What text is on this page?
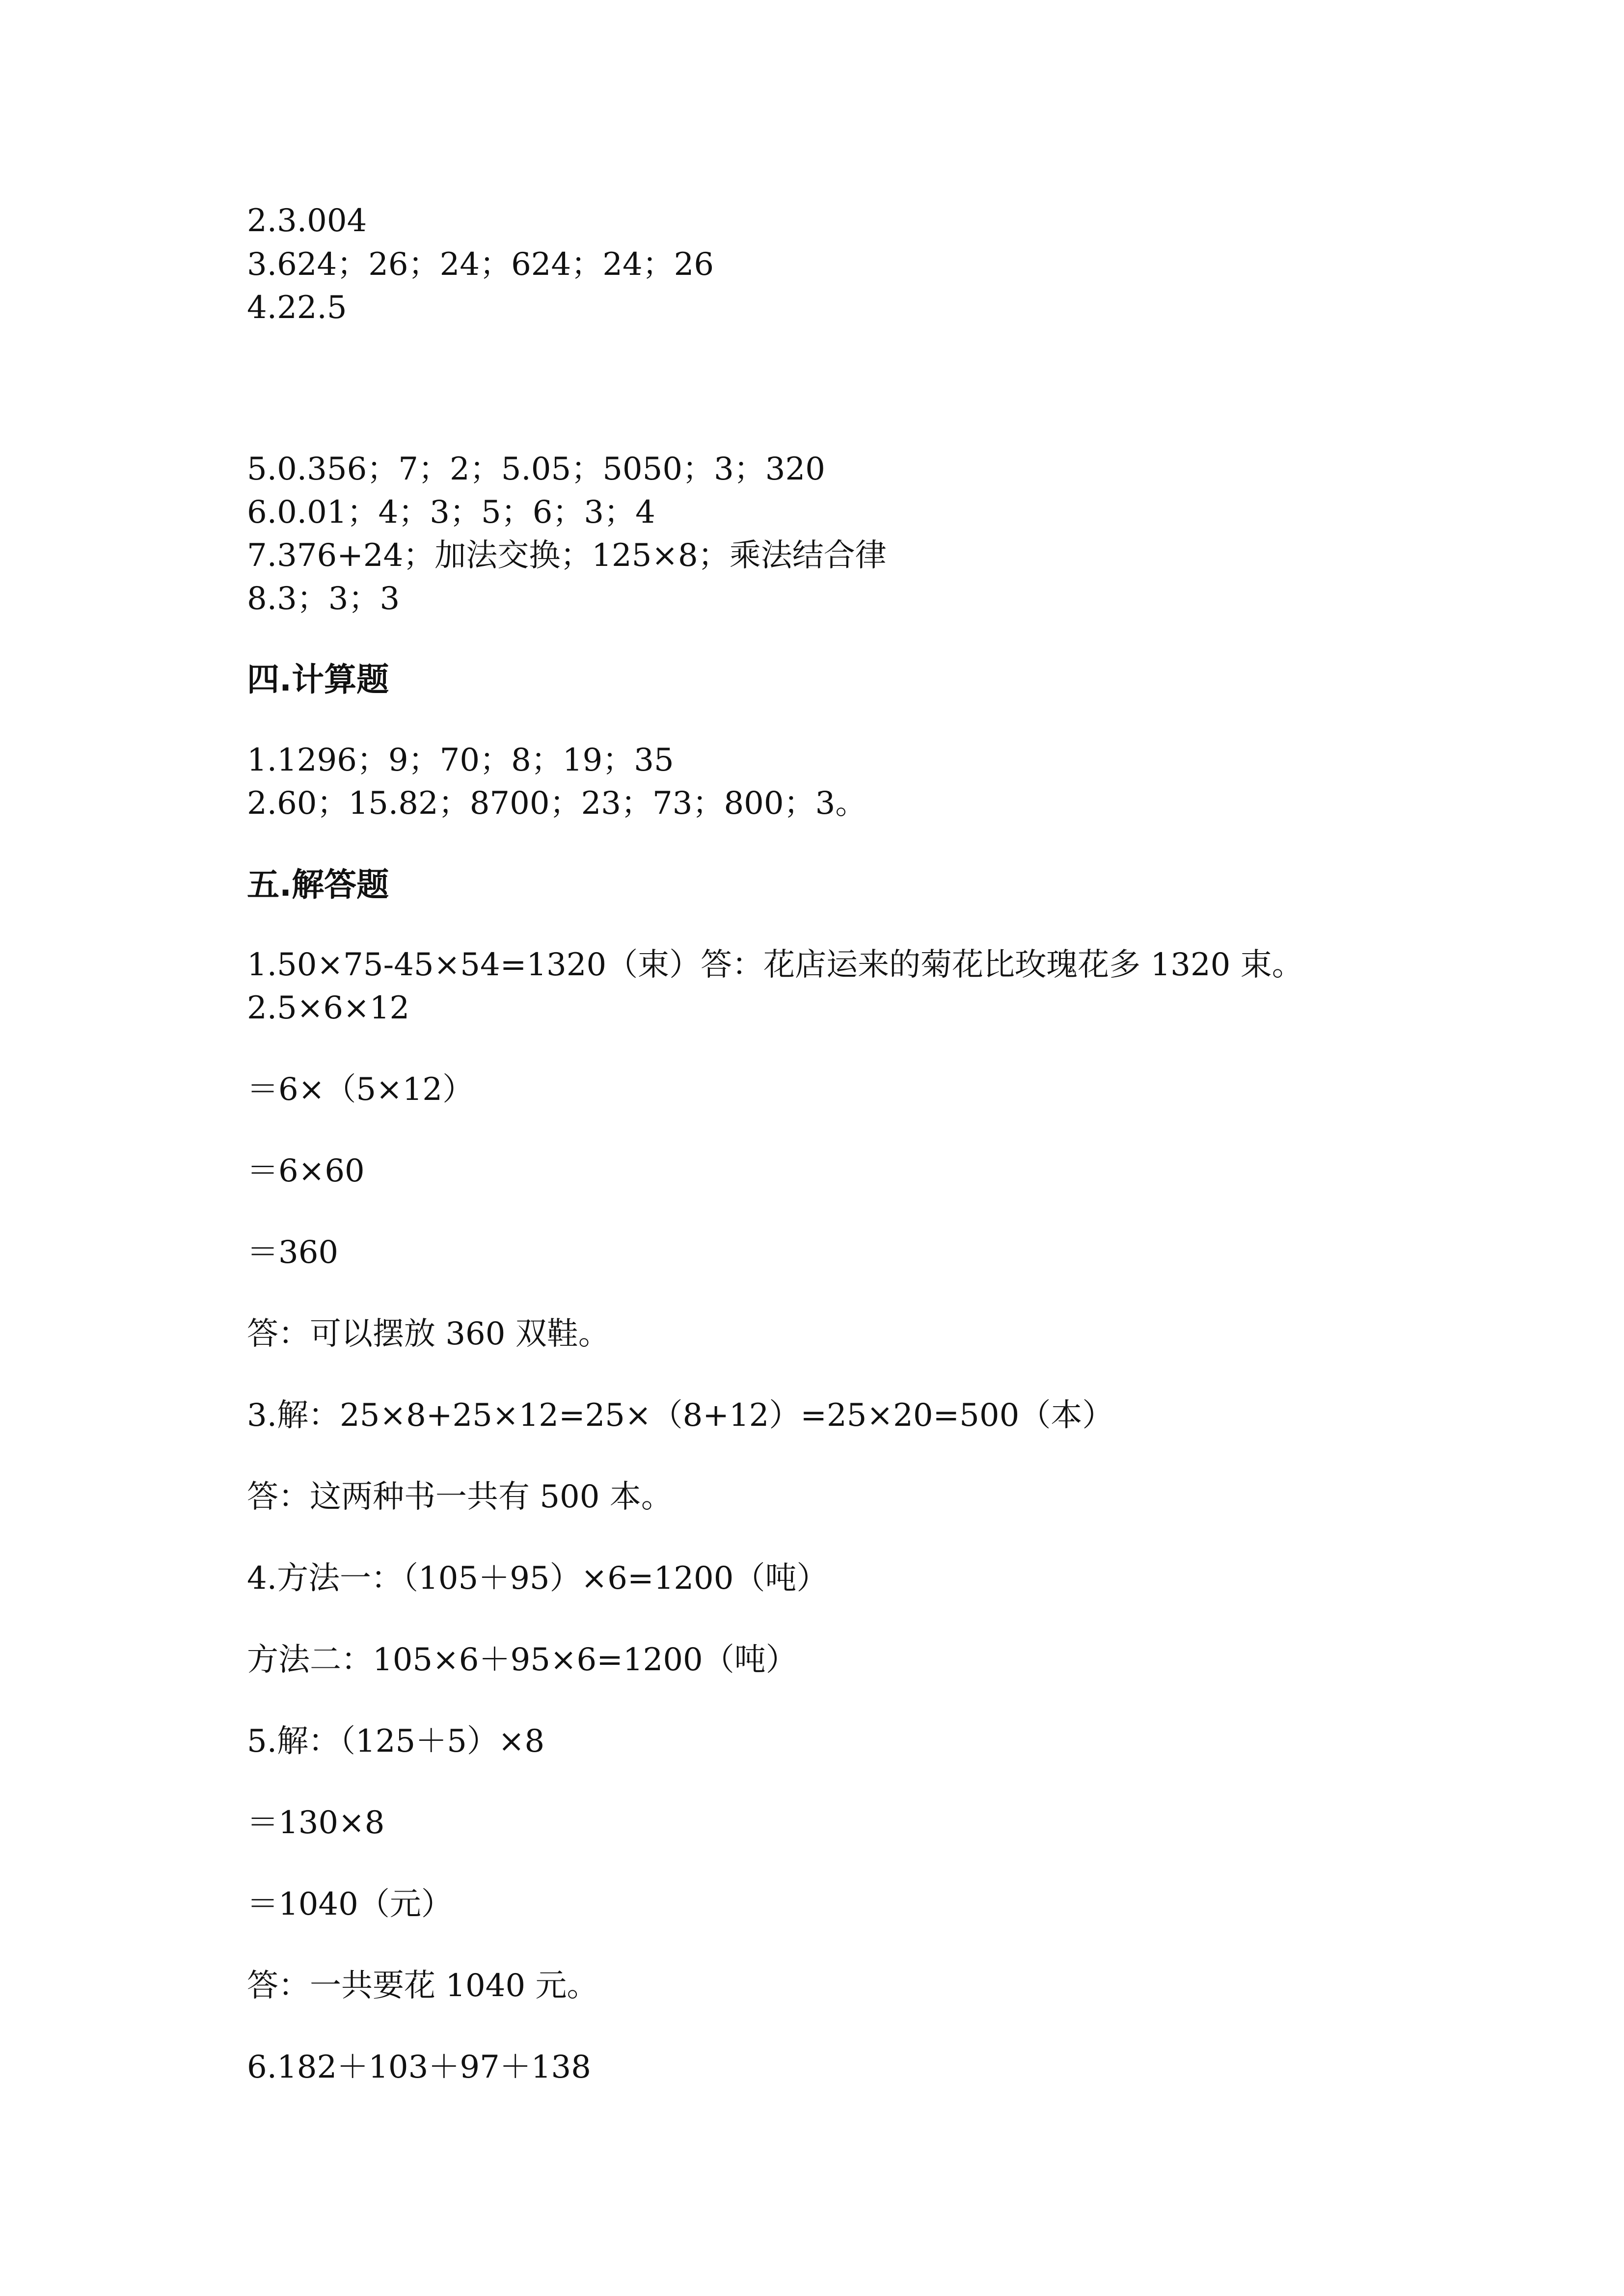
2.3.004
3.624；26；24；624；24；26
4.22.5
5.0.356；7；2；5.05；5050；3；320
6.0.01；4；3；5；6；3；4
7.376+24；加法交换；125×8；乘法结合律
8.3；3；3
四.计算题
1.1296；9；70；8；19；35
2.60；15.82；8700；23；73；800；3。
五.解答题
1.50×75-45×54=1320（束）答：花店运来的菊花比玫瑰花多 1320 束。
2.5×6×12
＝6×（5×12）
＝6×60
＝360
答：可以摆放 360 双鞋。
3.解：25×8+25×12=25×（8+12）=25×20=500（本）
答：这两种书一共有 500 本。
4.方法一：（105＋95）×6=1200（吨）
方法二：105×6＋95×6=1200（吨）
5.解：（125＋5）×8
＝130×8
＝1040（元）
答：一共要花 1040 元。
6.182＋103＋97＋138
